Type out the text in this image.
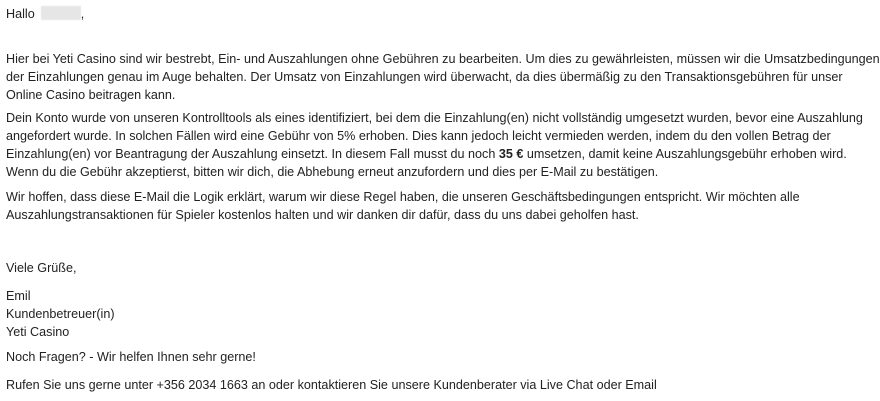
Hallo	,

Hier bei Yeti Casino sind wir bestrebt, Ein- und Auszahlungen ohne Gebühren zu bearbeiten. Um dies zu gewährleisten, müssen wir die Umsatzbedingungen

der Einzahlungen genau im Auge behalten. Der Umsatz von Einzahlungen wird überwacht, da dies übermäßig zu den Transaktionsgebühren für unser

Online Casino beitragen kann.

Dein Konto wurde von unseren Kontrolltools als eines identifiziert, bei dem die Einzahlung(en) nicht vollständig umgesetzt wurden, bevor eine Auszahlung

angefordert wurde. In solchen Fällen wird eine Gebühr von 5% erhoben. Dies kann jedoch leicht vermieden werden, indem du den vollen Betrag der

Einzahlung(en) vor Beantragung der Auszahlung einsetzt. In diesem Fall musst du noch 35 € umsetzen, damit keine Auszahlungsgebühr erhoben wird.

Wenn du die Gebühr akzeptierst, bitten wir dich, die Abhebung erneut anzufordern und dies per E-Mail zu bestätigen.

Wir hoffen, dass diese E-Mail die Logik erklärt, warum wir diese Regel haben, die unseren Geschäftsbedingungen entspricht. Wir möchten alle

Auszahlungstransaktionen für Spieler kostenlos halten und wir danken dir dafür, dass du uns dabei geholfen hast.

Viele Grüße,

Emil

Kundenbetreuer(in)

Yeti Casino

Noch Fragen? - Wir helfen Ihnen sehr gerne!

Rufen Sie uns gerne unter +356 2034 1663 an oder kontaktieren Sie unsere Kundenberater via Live Chat oder Email
